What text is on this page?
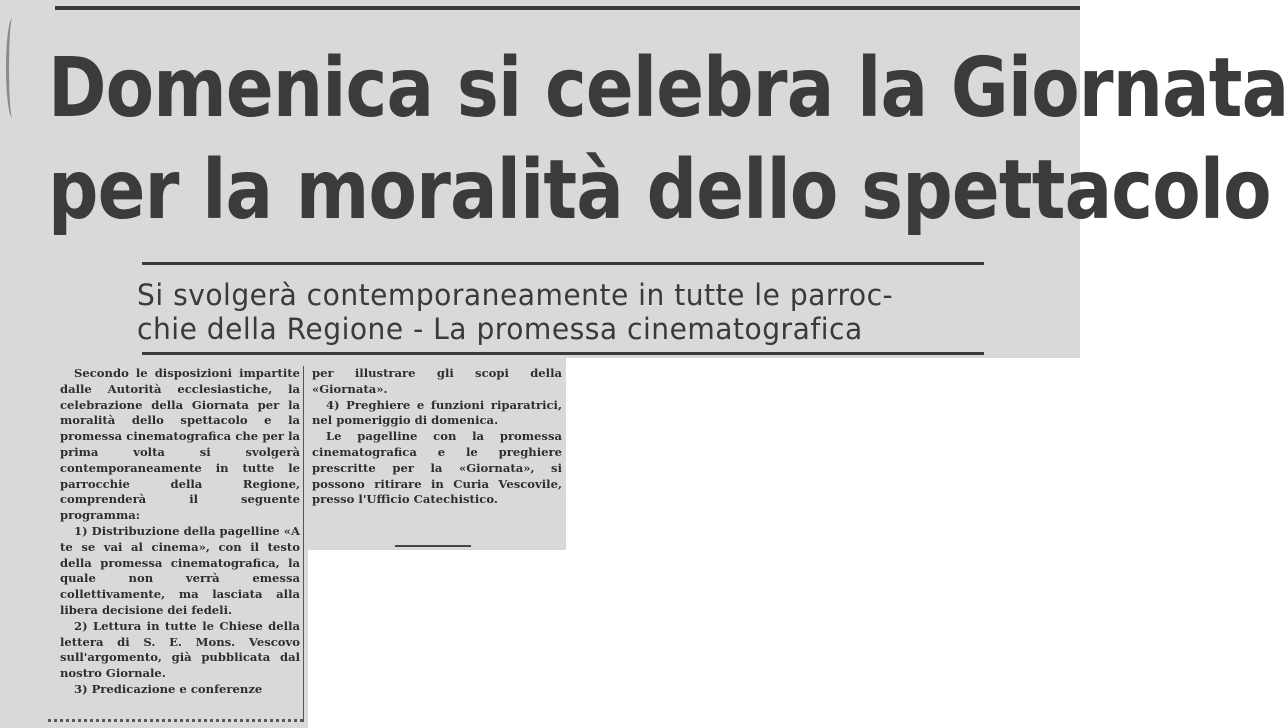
Domenica si celebra la Giornata
per la moralità dello spettacolo
Si svolgerà contemporaneamente in tutte le parroc-
chie della Regione - La promessa cinematografica

Secondo le disposizioni impartite dalle Autorità ecclesiastiche, la celebrazione della Giornata per la moralità dello spettacolo e la promessa cinematografica che per la prima volta si svolgerà contemporaneamente in tutte le parrocchie della Regione, comprenderà il seguente programma:

1) Distribuzione della pagelline «A te se vai al cinema», con il testo della promessa cinematografica, la quale non verrà emessa collettivamente, ma lasciata alla libera decisione dei fedeli.

2) Lettura in tutte le Chiese della lettera di S. E. Mons. Vescovo sull'argomento, già pubblicata dal nostro Giornale.

3) Predicazione e conferenze

per illustrare gli scopi della «Giornata».

4) Preghiere e funzioni riparatrici, nel pomeriggio di domenica.

Le pagelline con la promessa cinematografica e le preghiere prescritte per la «Giornata», si possono ritirare in Curia Vescovile, presso l'Ufficio Catechistico.
